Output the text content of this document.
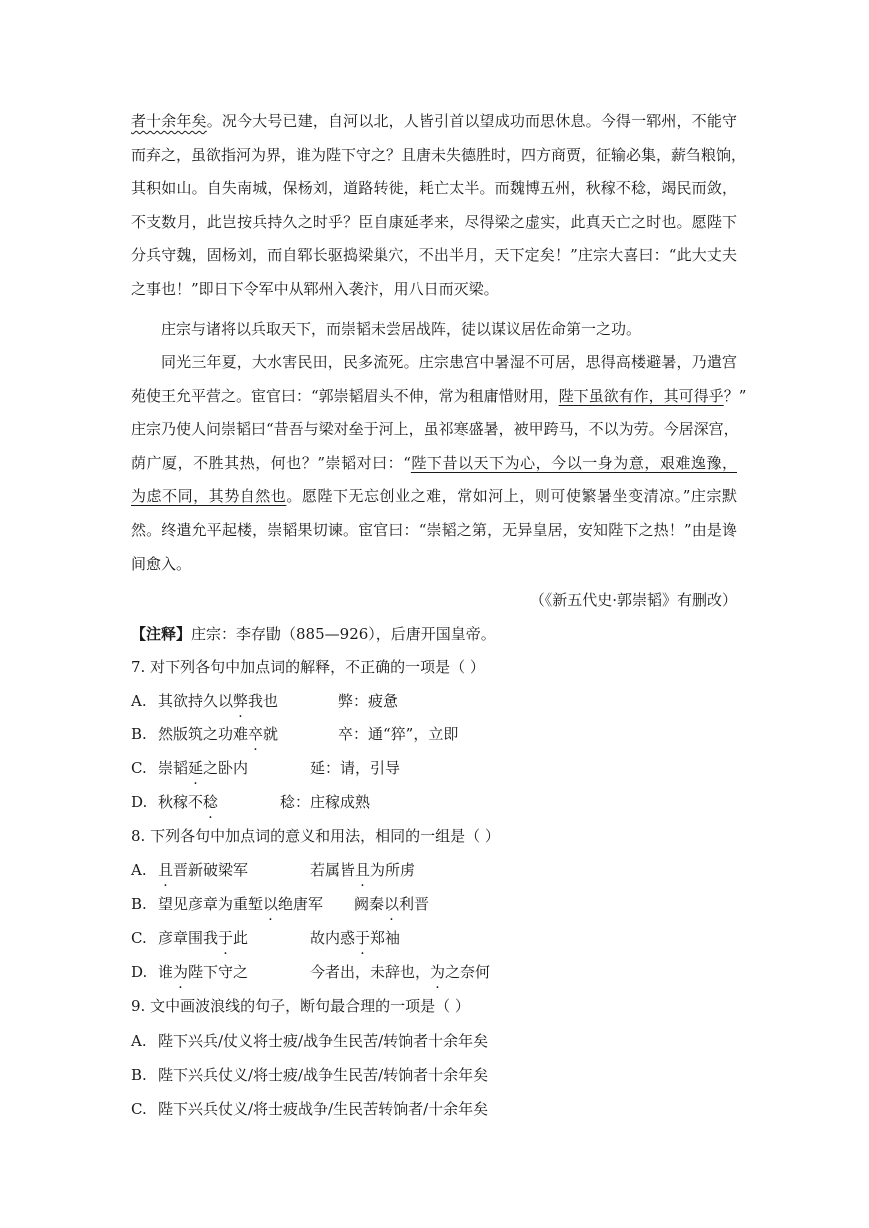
者十余年矣。况今大号已建，自河以北，人皆引首以望成功而思休息。今得一郓州，不能守
而弃之，虽欲指河为界，谁为陛下守之？且唐未失德胜时，四方商贾，征输必集，薪刍粮饷，
其积如山。自失南城，保杨刘，道路转徙，耗亡太半。而魏博五州，秋稼不稔，竭民而敛，
不支数月，此岂按兵持久之时乎？臣自康延孝来，尽得梁之虚实，此真天亡之时也。愿陛下
分兵守魏，固杨刘，而自郓长驱捣梁巢穴，不出半月，天下定矣！”庄宗大喜曰：“此大丈夫
之事也！”即日下令军中从郓州入袭汴，用八日而灭梁。
庄宗与诸将以兵取天下，而崇韬未尝居战阵，徒以谋议居佐命第一之功。
同光三年夏，大水害民田，民多流死。庄宗患宫中暑湿不可居，思得高楼避暑，乃遣宫
苑使王允平营之。宦官曰：“郭崇韬眉头不伸，常为租庸惜财用，陛下虽欲有作，其可得乎？”
庄宗乃使人问崇韬曰“昔吾与梁对垒于河上，虽祁寒盛暑，被甲跨马，不以为劳。今居深宫，
荫广厦，不胜其热，何也？”崇韬对曰：“陛下昔以天下为心，今以一身为意，艰难逸豫，
为虑不同，其势自然也。愿陛下无忘创业之难，常如河上，则可使繁暑坐变清凉。”庄宗默
然。终遣允平起楼，崇韬果切谏。宦官曰：“崇韬之第，无异皇居，安知陛下之热！”由是谗
间愈入。
（《新五代史·郭崇韬》有删改）
【注释】庄宗：李存勖（885—926），后唐开国皇帝。
7. 对下列各句中加点词的解释，不正确的一项是（ ）
A. 其欲持久以弊我也	弊：疲惫
B. 然版筑之功难卒就	卒：通“猝”，立即
C. 崇韬延之卧内	延：请，引导
D. 秋稼不稔	稔：庄稼成熟
8. 下列各句中加点词的意义和用法，相同的一组是（ ）
A. 且晋新破梁军	若属皆且为所虏
B. 望见彦章为重堑以绝唐军 阙秦以利晋
C. 彦章围我于此	故内惑于郑袖
D. 谁为陛下守之	今者出，未辞也，为之奈何
9. 文中画波浪线的句子，断句最合理的一项是（ ）
A. 陛下兴兵/仗义将士疲/战争生民苦/转饷者十余年矣
B. 陛下兴兵仗义/将士疲/战争生民苦/转饷者十余年矣
C. 陛下兴兵仗义/将士疲战争/生民苦转饷者/十余年矣
